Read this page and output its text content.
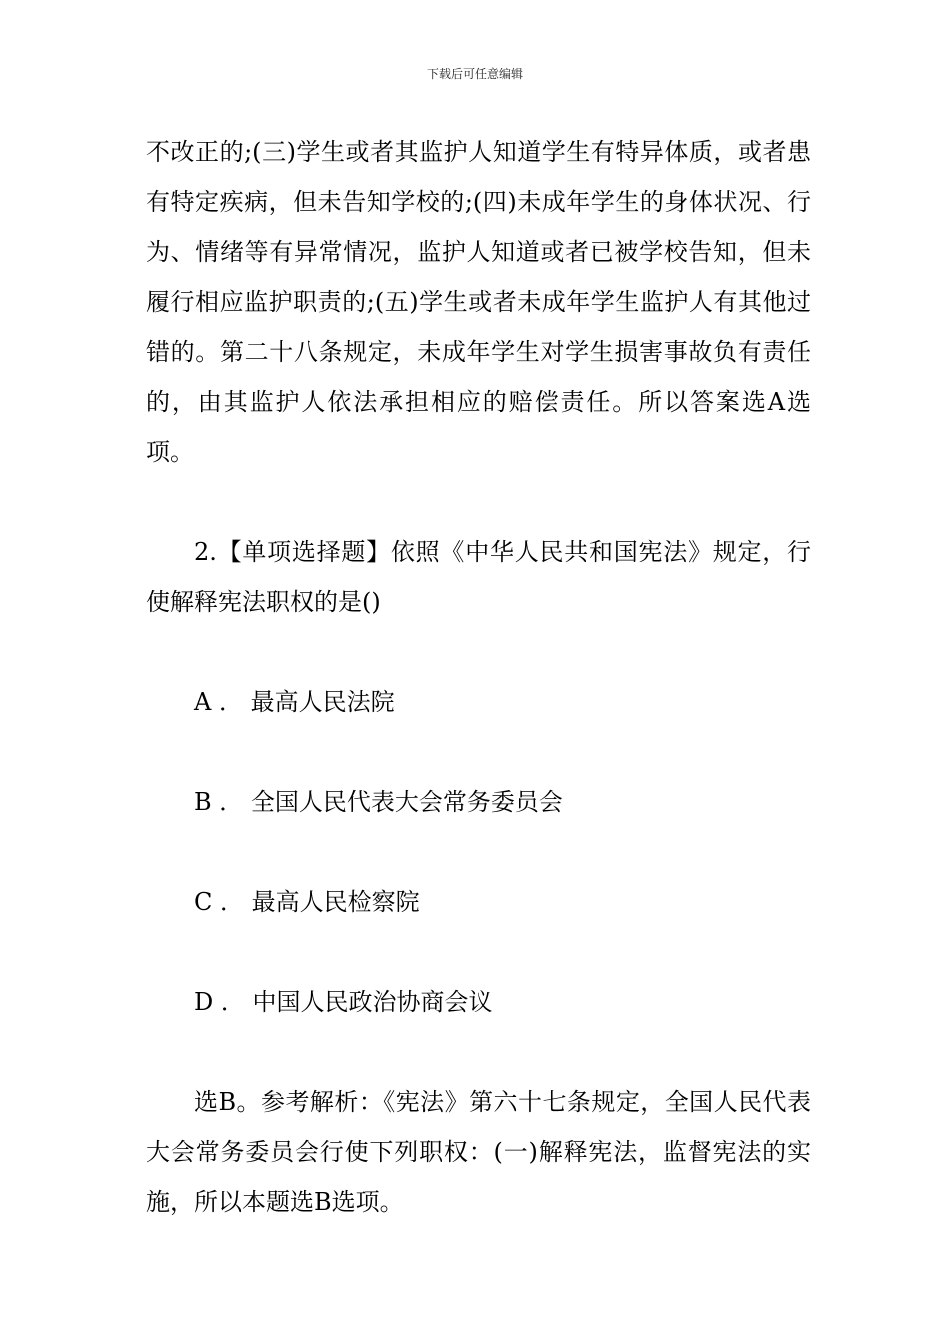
下载后可任意编辑

不改正的;(三)学生或者其监护人知道学生有特异体质，或者患有特定疾病，但未告知学校的;(四)未成年学生的身体状况、行为、情绪等有异常情况，监护人知道或者已被学校告知，但未履行相应监护职责的;(五)学生或者未成年学生监护人有其他过错的。第二十八条规定，未成年学生对学生损害事故负有责任的，由其监护人依法承担相应的赔偿责任。所以答案选A选项。

2.【单项选择题】依照《中华人民共和国宪法》规定，行使解释宪法职权的是()

A ． 最高人民法院

B ． 全国人民代表大会常务委员会

C ． 最高人民检察院

D ． 中国人民政治协商会议

选B。参考解析：《宪法》第六十七条规定，全国人民代表大会常务委员会行使下列职权：(一)解释宪法，监督宪法的实施，所以本题选B选项。
